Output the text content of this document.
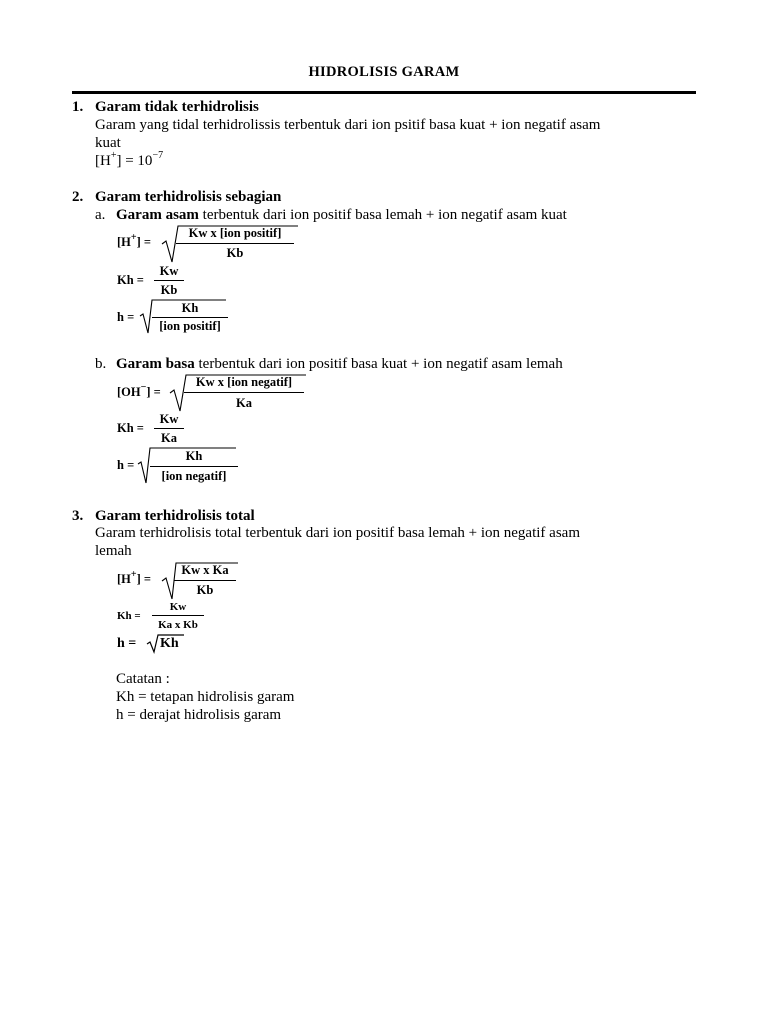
HIDROLISIS GARAM
1. Garam tidak terhidrolisis
Garam yang tidal terhidrolissis terbentuk dari ion psitif basa kuat + ion negatif asam
kuat
$[H^+] = 10^{-7}$
2. Garam terhidrolisis sebagian
a. Garam asam terbentuk dari ion positif basa lemah + ion negatif asam kuat
[H+] =
Kw x [ion positif]
Kb
Kh =
Kw
Kb
h =
Kh
[ion positif]
b. Garam basa terbentuk dari ion positif basa kuat + ion negatif asam lemah
[OH−] =
Kw x [ion negatif]
Ka
Kh =
Kw
Ka
h =
Kh
[ion negatif]
3. Garam terhidrolisis total
Garam terhidrolisis total terbentuk dari ion positif basa lemah + ion negatif asam
lemah
[H+] =
Kw x Ka
Kb
Kh =
Kw
Ka x Kb
h = Kh
Catatan :
Kh = tetapan hidrolisis garam
h = derajat hidrolisis garam
